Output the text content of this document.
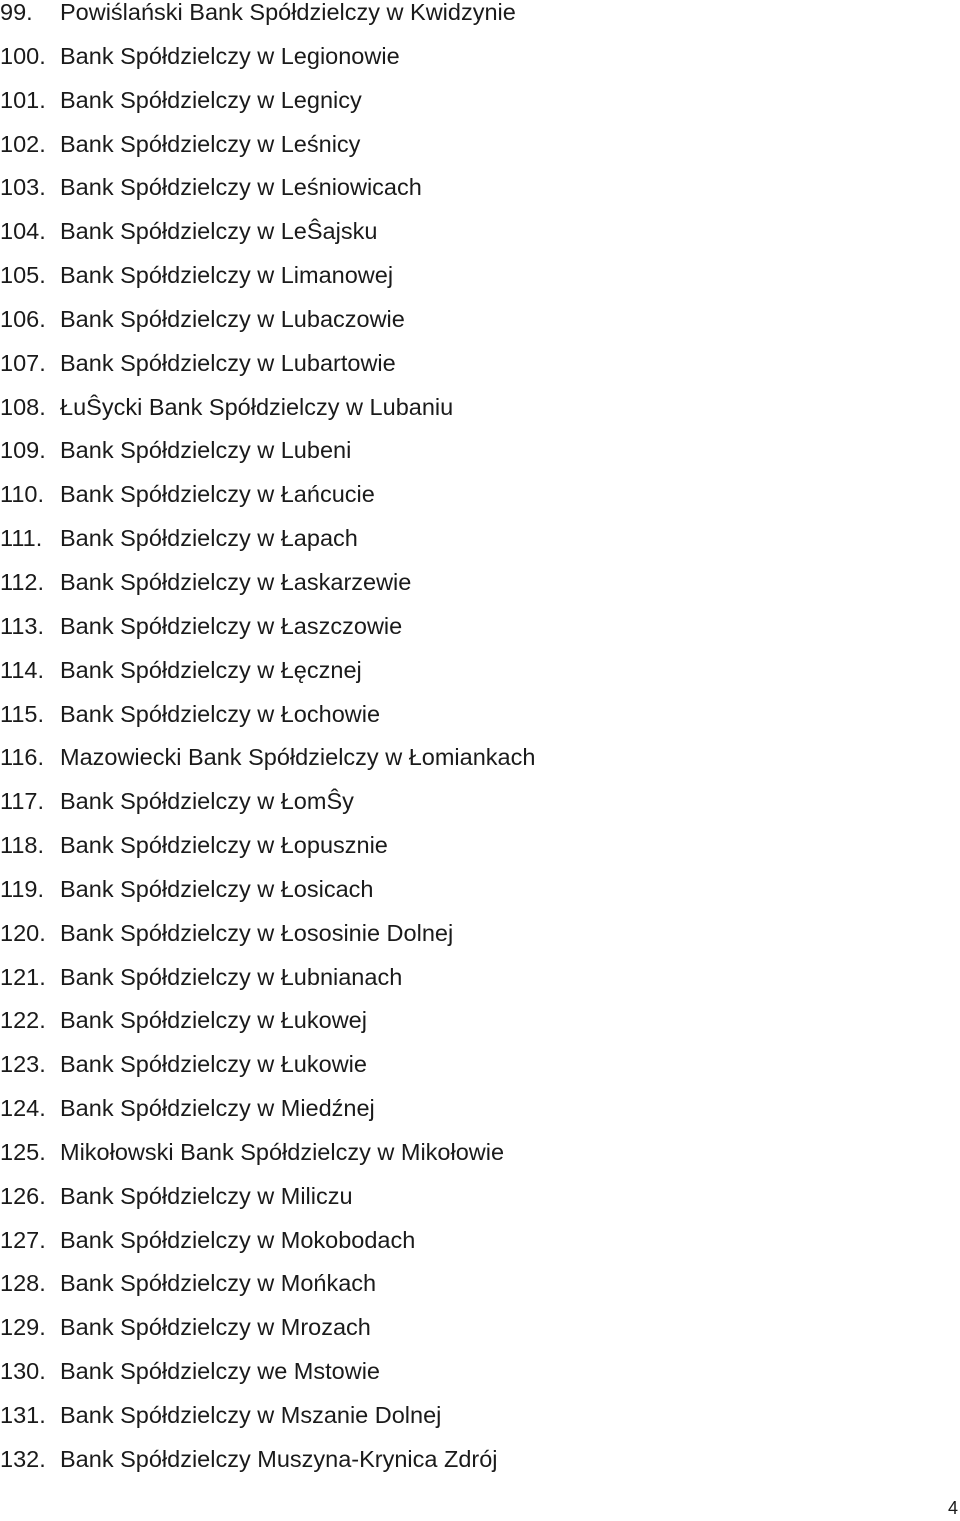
99. Powiślański Bank Spółdzielczy w Kwidzynie
100. Bank Spółdzielczy w Legionowie
101. Bank Spółdzielczy w Legnicy
102. Bank Spółdzielczy w Leśnicy
103. Bank Spółdzielczy w Leśniowicach
104. Bank Spółdzielczy w LeŜajsku
105. Bank Spółdzielczy w Limanowej
106. Bank Spółdzielczy w Lubaczowie
107. Bank Spółdzielczy w Lubartowie
108. ŁuŜycki Bank Spółdzielczy w Lubaniu
109. Bank Spółdzielczy w Lubeni
110. Bank Spółdzielczy w Łańcucie
111. Bank Spółdzielczy w Łapach
112. Bank Spółdzielczy w Łaskarzewie
113. Bank Spółdzielczy w Łaszczowie
114. Bank Spółdzielczy w Łęcznej
115. Bank Spółdzielczy w Łochowie
116. Mazowiecki Bank Spółdzielczy w Łomiankach
117. Bank Spółdzielczy w ŁomŜy
118. Bank Spółdzielczy w Łopusznie
119. Bank Spółdzielczy w Łosicach
120. Bank Spółdzielczy w Łososinie Dolnej
121. Bank Spółdzielczy w Łubnianach
122. Bank Spółdzielczy w Łukowej
123. Bank Spółdzielczy w Łukowie
124. Bank Spółdzielczy w Miedźnej
125. Mikołowski Bank Spółdzielczy w Mikołowie
126. Bank Spółdzielczy w Miliczu
127. Bank Spółdzielczy w Mokobodach
128. Bank Spółdzielczy w Mońkach
129. Bank Spółdzielczy w Mrozach
130. Bank Spółdzielczy we Mstowie
131. Bank Spółdzielczy w Mszanie Dolnej
132. Bank Spółdzielczy Muszyna-Krynica Zdrój
4
